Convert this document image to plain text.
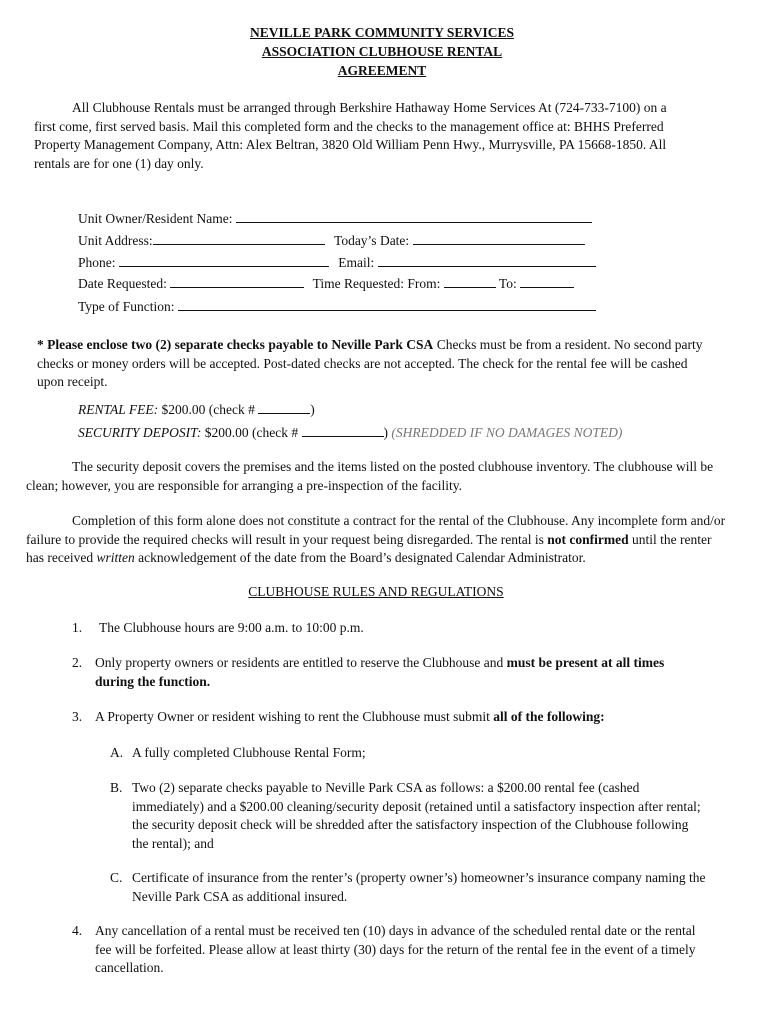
NEVILLE PARK COMMUNITY SERVICES
ASSOCIATION CLUBHOUSE RENTAL
AGREEMENT
All Clubhouse Rentals must be arranged through Berkshire Hathaway Home Services At (724-733-7100) on a first come, first served basis. Mail this completed form and the checks to the management office at: BHHS Preferred Property Management Company, Attn: Alex Beltran, 3820 Old William Penn Hwy., Murrysville, PA 15668-1850. All rentals are for one (1) day only.
Unit Owner/Resident Name:
Unit Address:	Today’s Date:
Phone:	Email:
Date Requested:	Time Requested: From:	To:
Type of Function:
* Please enclose two (2) separate checks payable to Neville Park CSA Checks must be from a resident. No second party checks or money orders will be accepted. Post-dated checks are not accepted. The check for the rental fee will be cashed upon receipt.
RENTAL FEE: $200.00 (check #	)
SECURITY DEPOSIT: $200.00 (check #	) (SHREDDED IF NO DAMAGES NOTED)
The security deposit covers the premises and the items listed on the posted clubhouse inventory. The clubhouse will be clean; however, you are responsible for arranging a pre-inspection of the facility.
Completion of this form alone does not constitute a contract for the rental of the Clubhouse. Any incomplete form and/or failure to provide the required checks will result in your request being disregarded. The rental is not confirmed until the renter has received written acknowledgement of the date from the Board’s designated Calendar Administrator.
CLUBHOUSE RULES AND REGULATIONS
1. The Clubhouse hours are 9:00 a.m. to 10:00 p.m.
2. Only property owners or residents are entitled to reserve the Clubhouse and must be present at all times during the function.
3. A Property Owner or resident wishing to rent the Clubhouse must submit all of the following:
A. A fully completed Clubhouse Rental Form;
B. Two (2) separate checks payable to Neville Park CSA as follows: a $200.00 rental fee (cashed immediately) and a $200.00 cleaning/security deposit (retained until a satisfactory inspection after rental; the security deposit check will be shredded after the satisfactory inspection of the Clubhouse following the rental); and
C. Certificate of insurance from the renter’s (property owner’s) homeowner’s insurance company naming the Neville Park CSA as additional insured.
4. Any cancellation of a rental must be received ten (10) days in advance of the scheduled rental date or the rental fee will be forfeited. Please allow at least thirty (30) days for the return of the rental fee in the event of a timely cancellation.
